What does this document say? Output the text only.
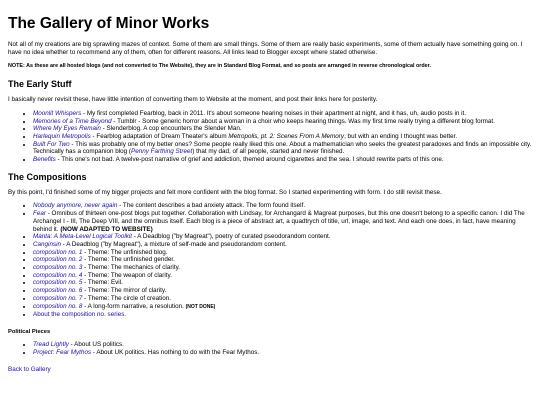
The Gallery of Minor Works

Not all of my creations are big sprawling mazes of context. Some of them are small things. Some of them are really basic experiments, some of them actually have something going on. I have no idea whether to recommend any of them, often for different reasons. All links lead to Blogger except where stated otherwise.

NOTE: As these are all hosted blogs (and not converted to The Website), they are in Standard Blog Format, and so posts are arranged in reverse chronological order.

The Early Stuff

I basically never revisit these, have little intention of converting them to Website at the moment, and post their links here for posterity.

• Moonlit Whispers - My first completed Fearblog, back in 2011. It's about someone hearing noises in their apartment at night, and it has, uh, audio posts in it.
• Memories of a Time Beyond - Tumblr - Some generic horror about a woman in a choir who keeps hearing things. Was my first time really trying a different blog format.
• Where My Eyes Remain - Slenderblog. A cop encounters the Slender Man.
• Harlequin Metropolis - Fearblog adaptation of Dream Theater's album Metropolis, pt. 2: Scenes From A Memory, but with an ending I thought was better.
• Built For Two - This was probably one of my better ones? Some people really liked this one. About a mathematician who seeks the greatest paradoxes and finds an impossible city. Technically has a companion blog (Penny Farthing Street) that my dad, of all people, started and never finished.
• Benefits - This one's not bad. A twelve-post narrative of grief and addiction, themed around cigarettes and the sea. I should rewrite parts of this one.
The Compositions

By this point, I'd finished some of my bigger projects and felt more confident with the blog format. So I started experimenting with form. I do still revisit these.

• Nobody anymore, never again - The content describes a bad anxiety attack. The form found itself.
• Fear - Omnibus of thirteen one-post blogs put together. Collaboration with Lindsay, for Archangard & Magreat purposes, but this one doesn't belong to a specific canon. I did The Archangel I - III, The Deep VIII, and the omnibus itself. Each blog is a piece of abstract art, a quadtrych of title, url, image, and text. And each one does, in fact, have meaning behind it. (NOW ADAPTED TO WEBSITE)
• Manta: A Meta-Level Logical Toolkit - A Deadblog ("by Magreat"), poetry of curated pseodorandom content.
• Canginsin - A Deadblog ("by Magreat"), a mixture of self-made and pseudorandom content.
• composition no. 1 - Theme: The unfinished blog.
• composition no. 2 - Theme: The unfinished gender.
• composition no. 3 - Theme: The mechanics of clarity.
• composition no. 4 - Theme: The weapon of clarity.
• composition no. 5 - Theme: Evil.
• composition no. 6 - Theme: The mirror of clarity.
• composition no. 7 - Theme: The circle of creation.
• composition no. 8 - A long-form narrative, a resolution. (NOT DONE)
• About the composition no. series.
Political Pieces
• Tread Lightly - About US politics.
• Project: Fear Mythos - About UK politics. Has nothing to do with the Fear Mythos.
Back to Gallery
